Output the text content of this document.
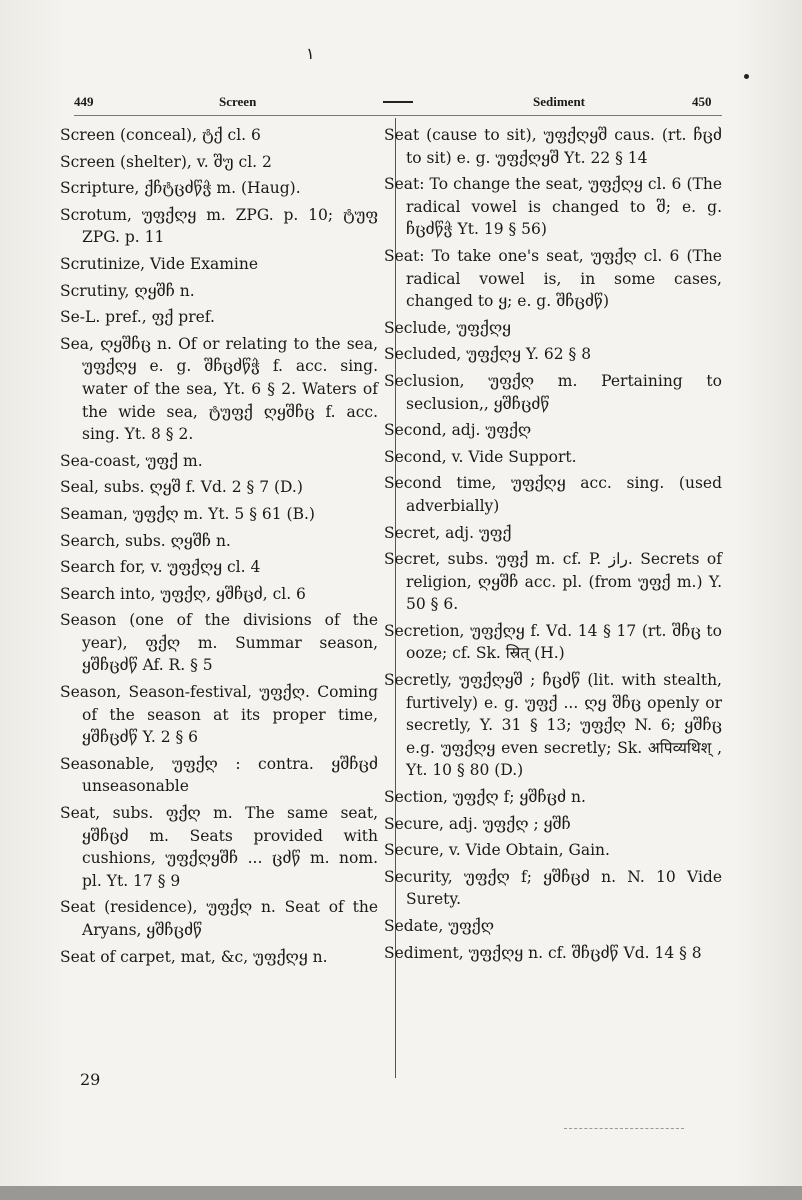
١
449	Screen	Sediment	450
Screen (conceal), ტქ cl. 6
Screen (shelter), v. შუ cl. 2
Scripture, ქჩტცძწჭ m. (Haug).
Scrotum, უფქღყ m. ZPG. p. 10; ტუფ ZPG. p. 11
Scrutinize, Vide Examine
Scrutiny, ღყშჩ n.
Se-L. pref., ფქ pref.
Sea, ღყშჩც n. Of or relating to the sea, უფქღყ e. g. შჩცძწჭ f. acc. sing. water of the sea, Yt. 6 § 2. Waters of the wide sea, ტუფქ ღყშჩც f. acc. sing. Yt. 8 § 2.
Sea-coast, უფქ m.
Seal, subs. ღყშ f. Vd. 2 § 7 (D.)
Seaman, უფქღ m. Yt. 5 § 61 (B.)
Search, subs. ღყშჩ n.
Search for, v. უფქღყ cl. 4
Search into, უფქღ, ყშჩცძ, cl. 6
Season (one of the divisions of the year), ფქღ m. Summar season, ყშჩცძწ Af. R. § 5
Season, Season-festival, უფქღ. Coming of the season at its proper time, ყშჩცძწ Y. 2 § 6
Seasonable, უფქღ : contra. ყშჩცძ unseasonable
Seat, subs. ფქღ m. The same seat, ყშჩცძ m. Seats provided with cushions, უფქღყშჩ ... ცძწ m. nom. pl. Yt. 17 § 9
Seat (residence), უფქღ n. Seat of the Aryans, ყშჩცძწ
Seat of carpet, mat, &c, უფქღყ n.
Seat (cause to sit), უფქღყშ caus. (rt. ჩცძ to sit) e. g. უფქღყშ Yt. 22 § 14
Seat: To change the seat, უფქღყ cl. 6 (The radical vowel is changed to შ; e. g. ჩცძწჭ Yt. 19 § 56)
Seat: To take one's seat, უფქღ cl. 6 (The radical vowel is, in some cases, changed to ყ; e. g. შჩცძწ)
Seclude, უფქღყ
Secluded, უფქღყ Y. 62 § 8
Seclusion, უფქღ m. Pertaining to seclusion,, ყშჩცძწ
Second, adj. უფქღ
Second, v. Vide Support.
Second time, უფქღყ acc. sing. (used adverbially)
Secret, adj. უფქ
Secret, subs. უფქ m. cf. P. راز. Secrets of religion, ღყშჩ acc. pl. (from უფქ m.) Y. 50 § 6.
Secretion, უფქღყ f. Vd. 14 § 17 (rt. შჩც to ooze; cf. Sk. स्रित् (H.)
Secretly, უფქღყშ ; ჩცძწ (lit. with stealth, furtively) e. g. უფქ ... ღყ შჩც openly or secretly, Y. 31 § 13; უფქღ N. 6; ყშჩც e.g. უფქღყ even secretly; Sk. अपिव्यथिश् , Yt. 10 § 80 (D.)
Section, უფქღ f; ყშჩცძ n.
Secure, adj. უფქღ ; ყშჩ
Secure, v. Vide Obtain, Gain.
Security, უფქღ f; ყშჩცძ n. N. 10 Vide Surety.
Sedate, უფქღ
Sediment, უფქღყ n. cf. შჩცძწ Vd. 14 § 8
29
